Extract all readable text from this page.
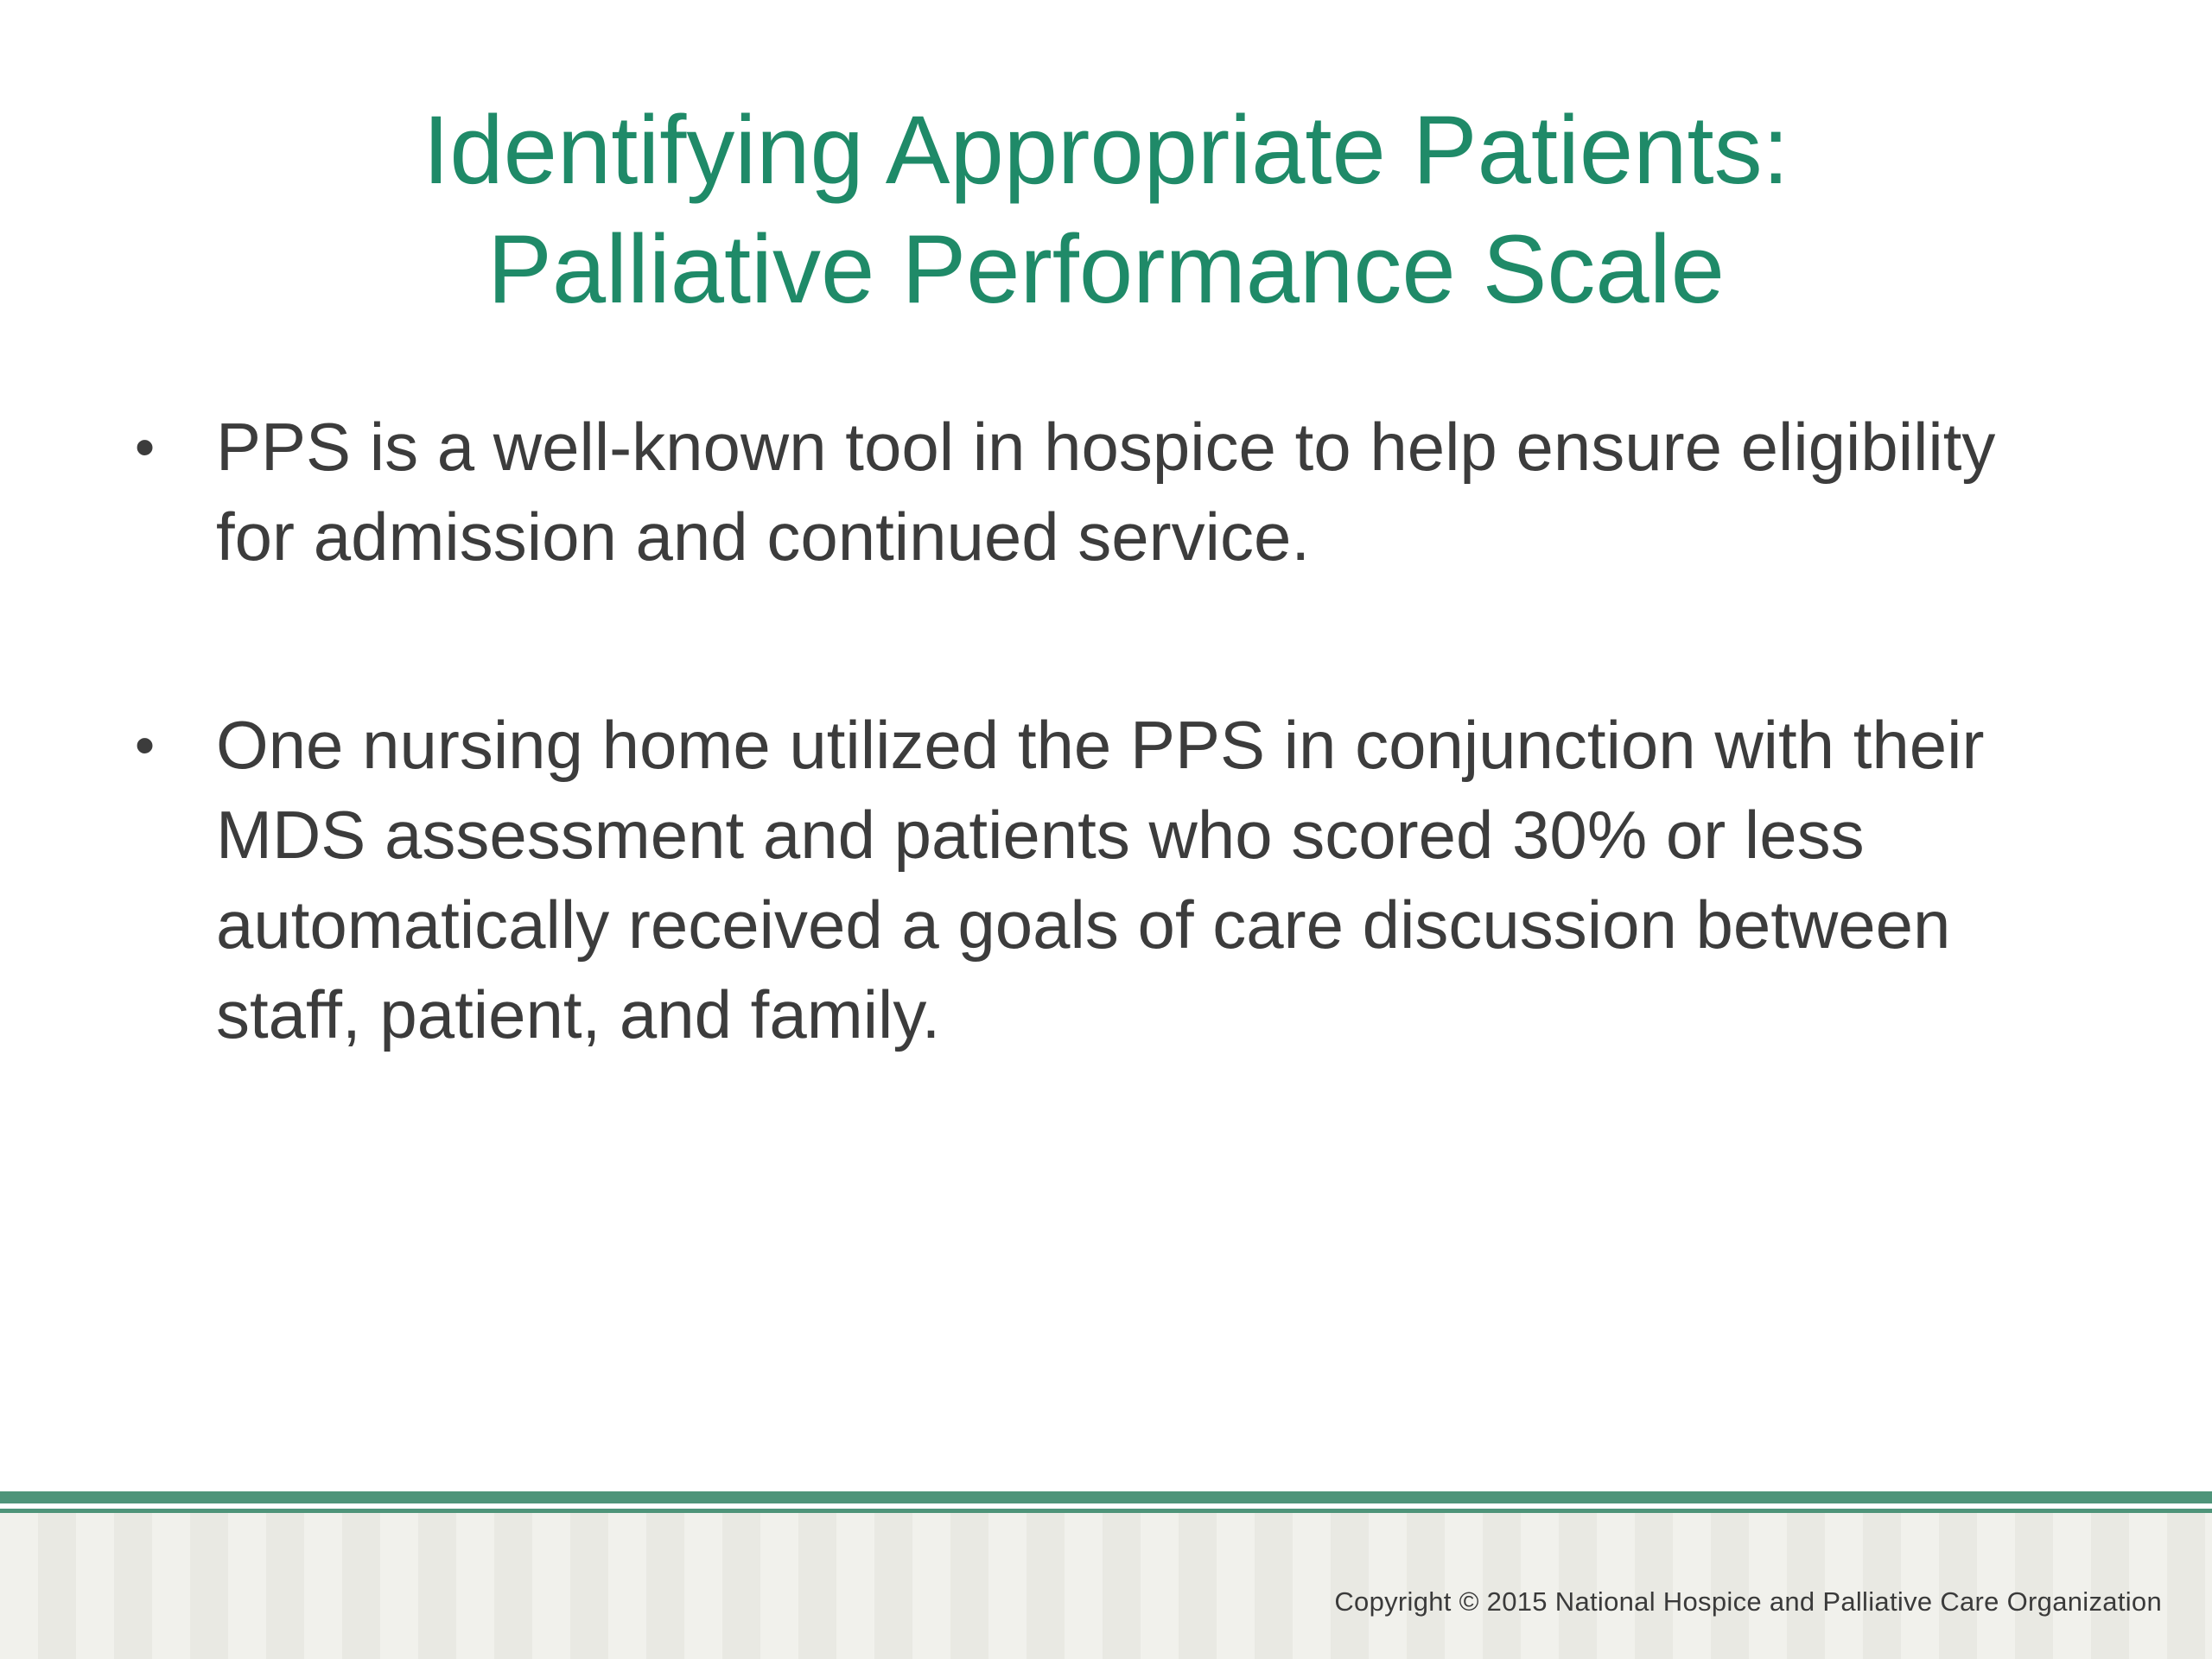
Identifying Appropriate Patients:
Palliative Performance Scale
• PPS is a well-known tool in hospice to help ensure eligibility for admission and continued service.
• One nursing home utilized the PPS in conjunction with their MDS assessment and patients who scored 30% or less automatically received a goals of care discussion between staff, patient, and family.
Copyright © 2015 National Hospice and Palliative Care Organization
